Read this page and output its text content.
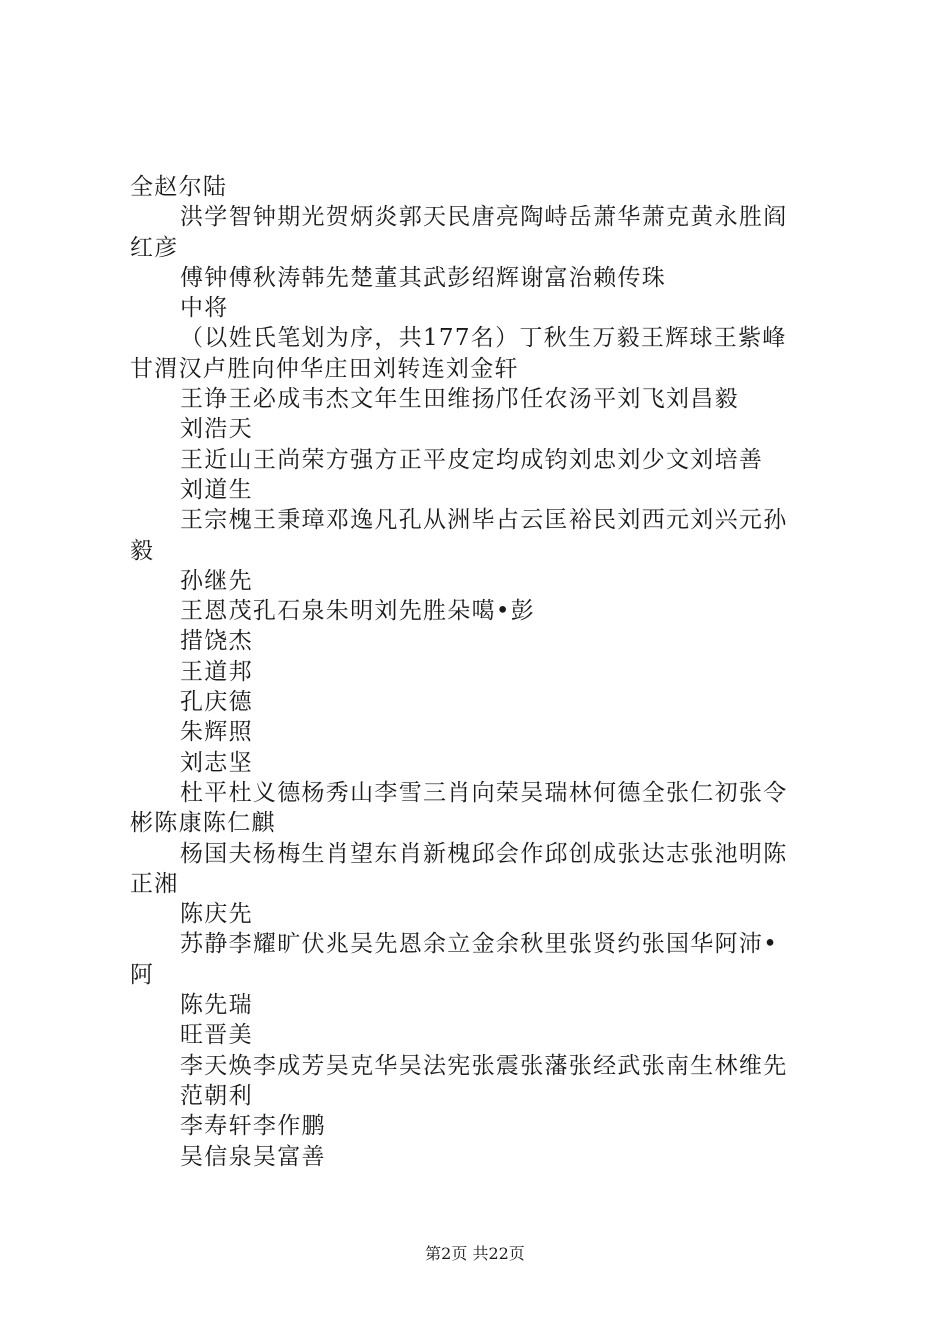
全赵尔陆
洪学智钟期光贺炳炎郭天民唐亮陶峙岳萧华萧克黄永胜阎
红彦
傅钟傅秋涛韩先楚董其武彭绍辉谢富治赖传珠
中将
（以姓氏笔划为序，共177名）丁秋生万毅王辉球王紫峰
甘渭汉卢胜向仲华庄田刘转连刘金轩
王诤王必成韦杰文年生田维扬邝任农汤平刘飞刘昌毅
刘浩天
王近山王尚荣方强方正平皮定均成钧刘忠刘少文刘培善
刘道生
王宗槐王秉璋邓逸凡孔从洲毕占云匡裕民刘西元刘兴元孙
毅
孙继先
王恩茂孔石泉朱明刘先胜朵噶•彭
措饶杰
王道邦
孔庆德
朱辉照
刘志坚
杜平杜义德杨秀山李雪三肖向荣吴瑞林何德全张仁初张令
彬陈康陈仁麒
杨国夫杨梅生肖望东肖新槐邱会作邱创成张达志张池明陈
正湘
陈庆先
苏静李耀旷伏兆吴先恩余立金余秋里张贤约张国华阿沛•
阿
陈先瑞
旺晋美
李天焕李成芳吴克华吴法宪张震张藩张经武张南生林维先
范朝利
李寿轩李作鹏
吴信泉吴富善
第2页 共22页
